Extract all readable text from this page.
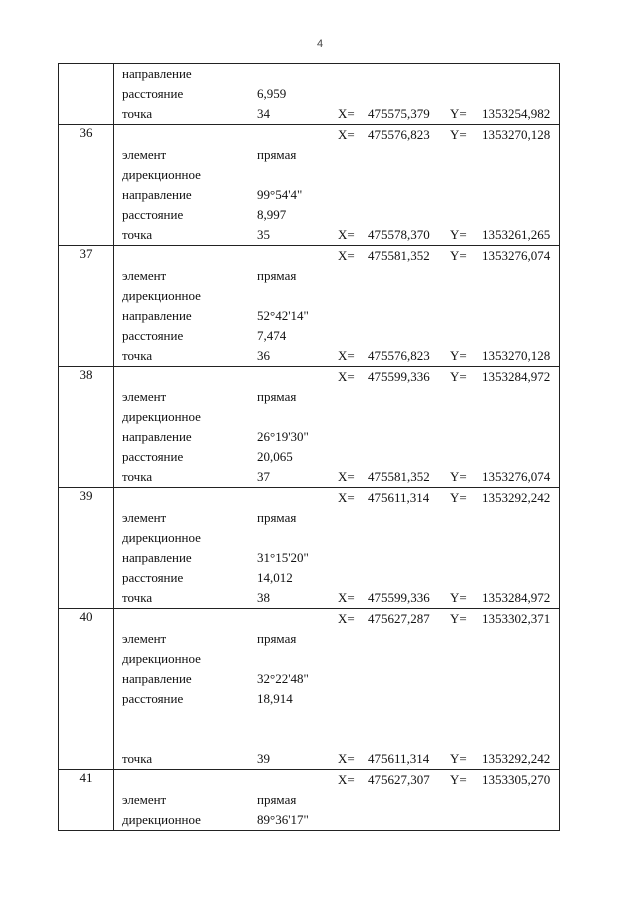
4
направление
расстояние	6,959
точка	34	X= 475575,379 Y= 1353254,982
36	X= 475576,823 Y= 1353270,128
элемент	прямая
дирекционное
направление	99°54'4"
расстояние	8,997
точка	35	X= 475578,370 Y= 1353261,265
37	X= 475581,352 Y= 1353276,074
элемент	прямая
дирекционное
направление	52°42'14"
расстояние	7,474
точка	36	X= 475576,823 Y= 1353270,128
38	X= 475599,336 Y= 1353284,972
элемент	прямая
дирекционное
направление	26°19'30"
расстояние	20,065
точка	37	X= 475581,352 Y= 1353276,074
39	X= 475611,314 Y= 1353292,242
элемент	прямая
дирекционное
направление	31°15'20"
расстояние	14,012
точка	38	X= 475599,336 Y= 1353284,972
40	X= 475627,287 Y= 1353302,371
элемент	прямая
дирекционное
направление	32°22'48"
расстояние	18,914
точка	39	X= 475611,314 Y= 1353292,242
41	X= 475627,307 Y= 1353305,270
элемент	прямая
дирекционное	89°36'17"
